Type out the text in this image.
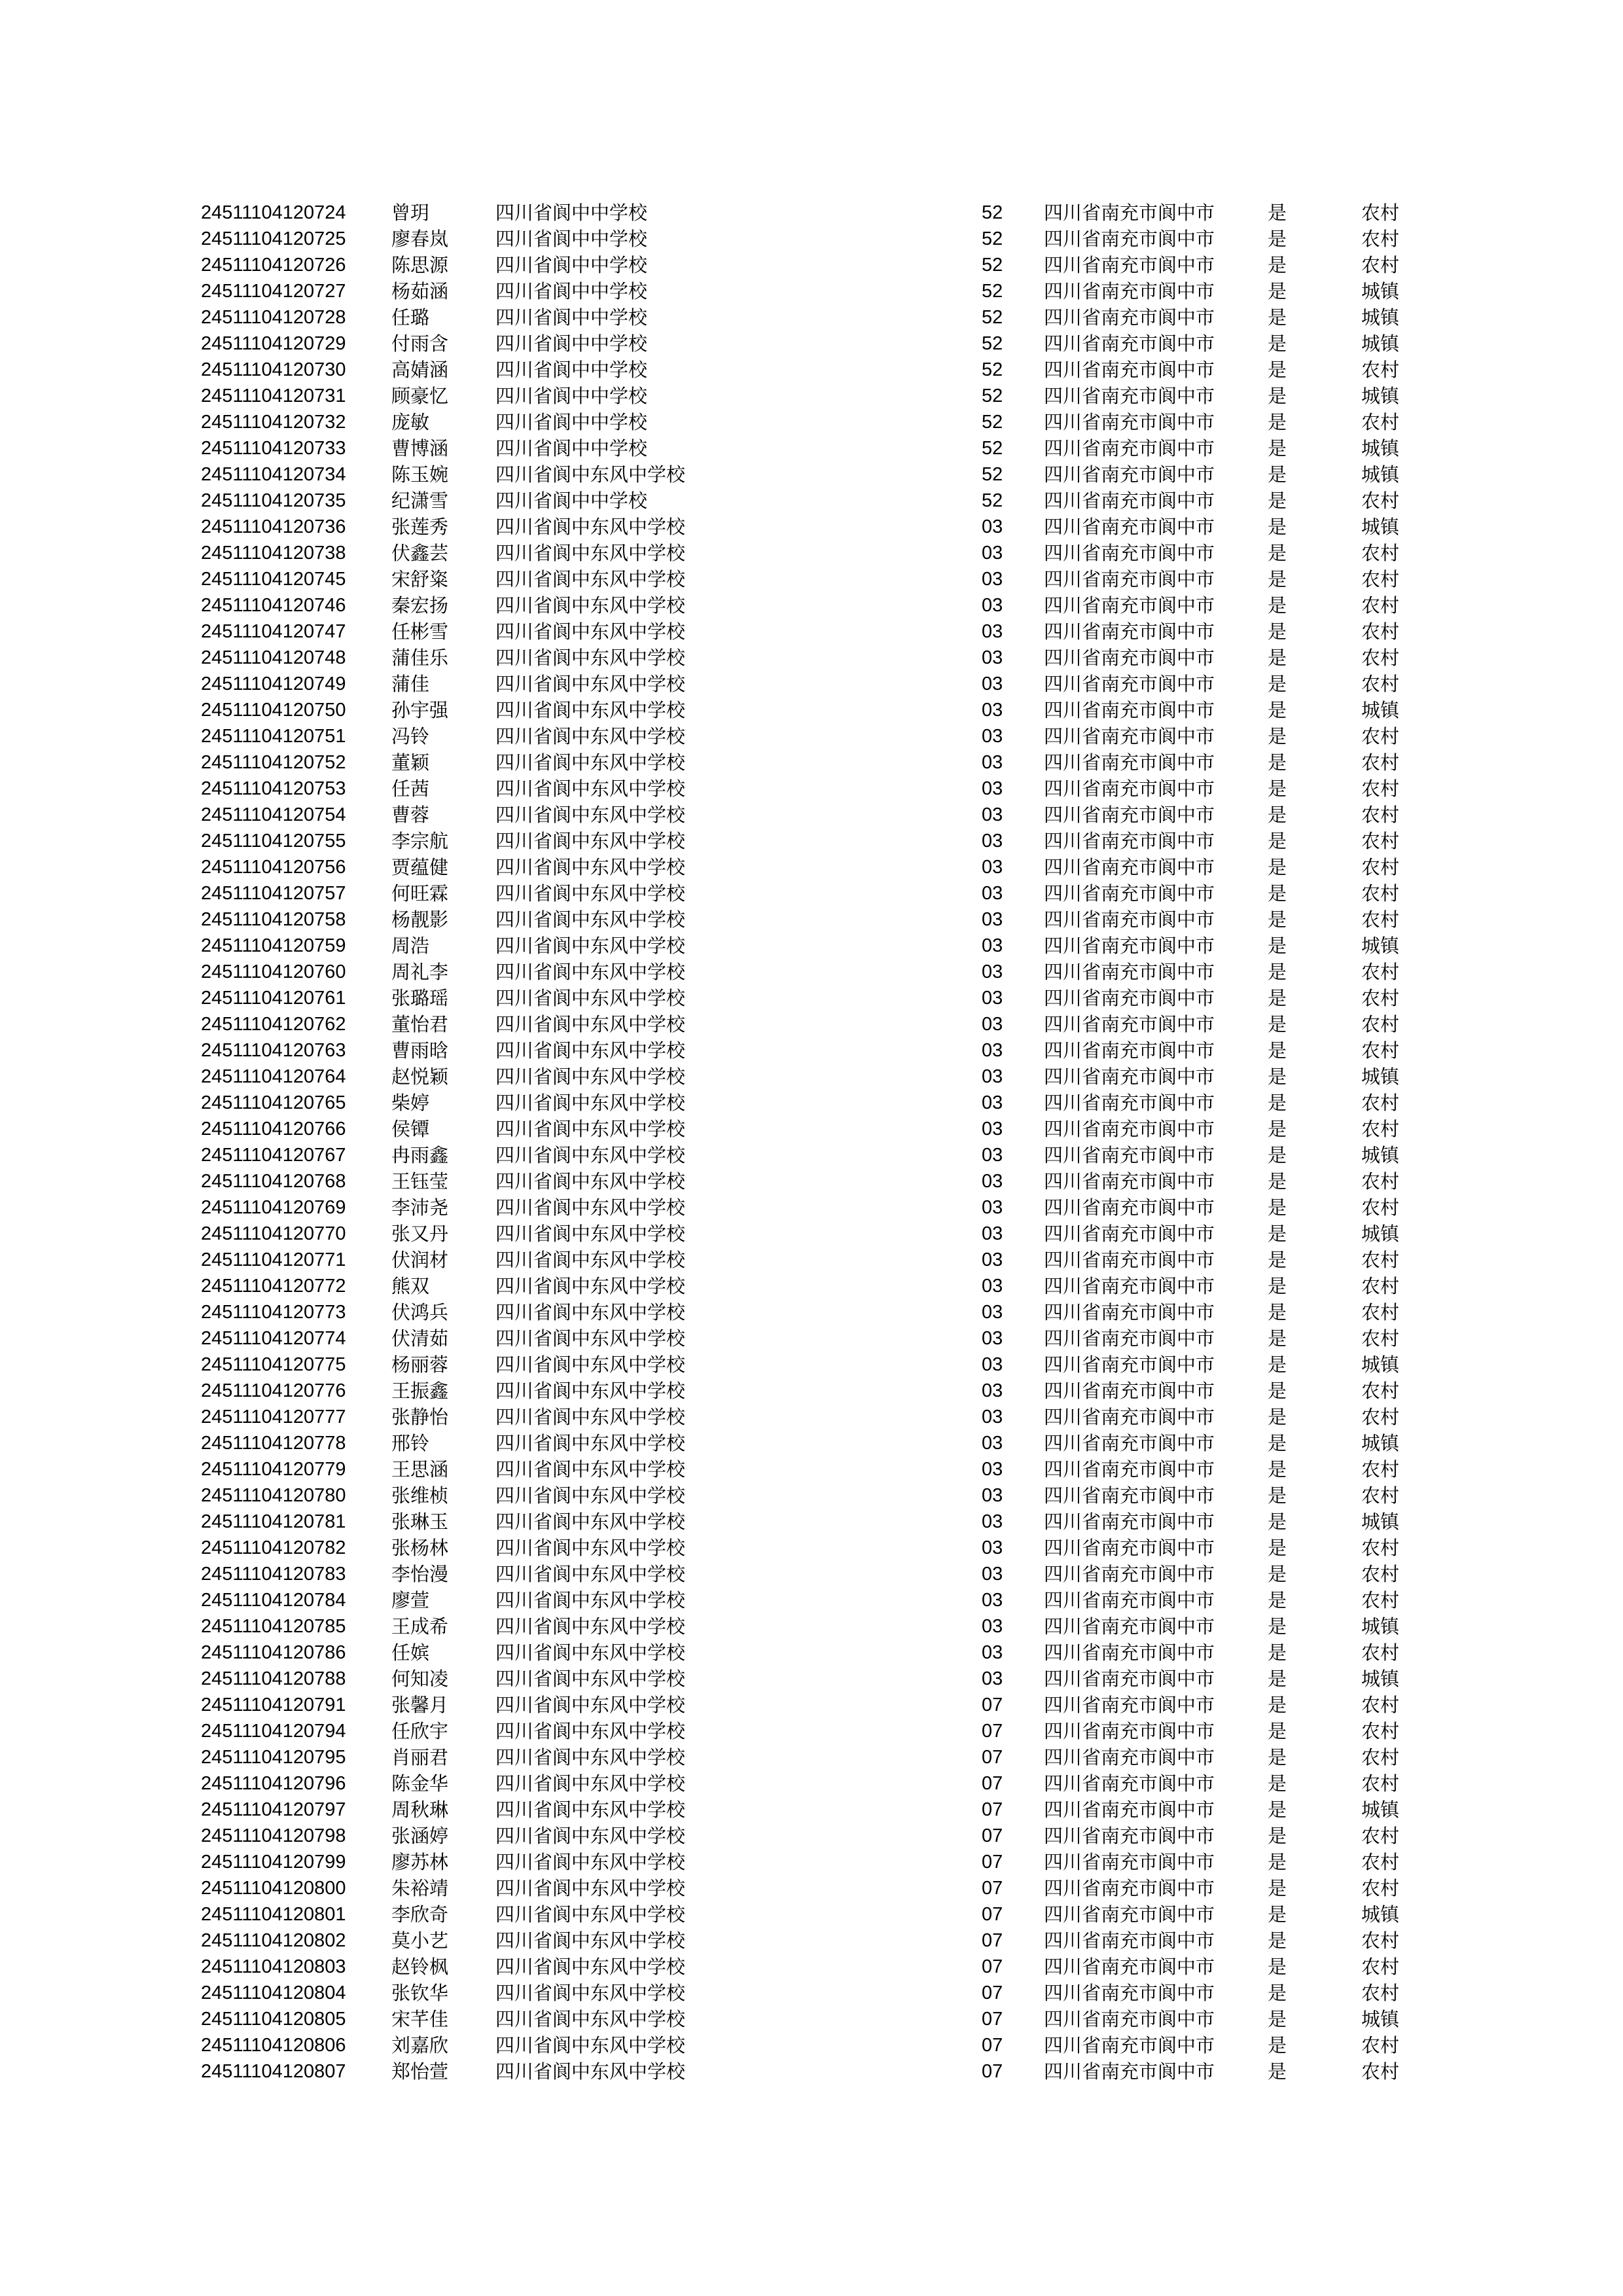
24511104120724 曾玥	四川省阆中中学校	52 四川省南充市阆中市	是	农村
24511104120725 廖春岚 四川省阆中中学校	52 四川省南充市阆中市	是	农村
24511104120726 陈思源 四川省阆中中学校	52 四川省南充市阆中市	是	农村
24511104120727 杨茹涵 四川省阆中中学校	52 四川省南充市阆中市	是	城镇
24511104120728 任璐	四川省阆中中学校	52 四川省南充市阆中市	是	城镇
24511104120729 付雨含 四川省阆中中学校	52 四川省南充市阆中市	是	城镇
24511104120730 高婧涵 四川省阆中中学校	52 四川省南充市阆中市	是	农村
24511104120731 顾豪忆 四川省阆中中学校	52 四川省南充市阆中市	是	城镇
24511104120732 庞敏	四川省阆中中学校	52 四川省南充市阆中市	是	农村
24511104120733 曹博涵 四川省阆中中学校	52 四川省南充市阆中市	是	城镇
24511104120734 陈玉婉 四川省阆中东风中学校	52 四川省南充市阆中市	是	城镇
24511104120735 纪潇雪 四川省阆中中学校	52 四川省南充市阆中市	是	农村
24511104120736 张莲秀 四川省阆中东风中学校	03 四川省南充市阆中市	是	城镇
24511104120738 伏鑫芸 四川省阆中东风中学校	03 四川省南充市阆中市	是	农村
24511104120745 宋舒粢 四川省阆中东风中学校	03 四川省南充市阆中市	是	农村
24511104120746 秦宏扬 四川省阆中东风中学校	03 四川省南充市阆中市	是	农村
24511104120747 任彬雪 四川省阆中东风中学校	03 四川省南充市阆中市	是	农村
24511104120748 蒲佳乐 四川省阆中东风中学校	03 四川省南充市阆中市	是	农村
24511104120749 蒲佳	四川省阆中东风中学校	03 四川省南充市阆中市	是	农村
24511104120750 孙宇强 四川省阆中东风中学校	03 四川省南充市阆中市	是	城镇
24511104120751 冯铃	四川省阆中东风中学校	03 四川省南充市阆中市	是	农村
24511104120752 董颖	四川省阆中东风中学校	03 四川省南充市阆中市	是	农村
24511104120753 任茜	四川省阆中东风中学校	03 四川省南充市阆中市	是	农村
24511104120754 曹蓉	四川省阆中东风中学校	03 四川省南充市阆中市	是	农村
24511104120755 李宗航 四川省阆中东风中学校	03 四川省南充市阆中市	是	农村
24511104120756 贾蕴健 四川省阆中东风中学校	03 四川省南充市阆中市	是	农村
24511104120757 何旺霖 四川省阆中东风中学校	03 四川省南充市阆中市	是	农村
24511104120758 杨靓影 四川省阆中东风中学校	03 四川省南充市阆中市	是	农村
24511104120759 周浩	四川省阆中东风中学校	03 四川省南充市阆中市	是	城镇
24511104120760 周礼李 四川省阆中东风中学校	03 四川省南充市阆中市	是	农村
24511104120761 张璐瑶 四川省阆中东风中学校	03 四川省南充市阆中市	是	农村
24511104120762 董怡君 四川省阆中东风中学校	03 四川省南充市阆中市	是	农村
24511104120763 曹雨晗 四川省阆中东风中学校	03 四川省南充市阆中市	是	农村
24511104120764 赵悦颖 四川省阆中东风中学校	03 四川省南充市阆中市	是	城镇
24511104120765 柴婷	四川省阆中东风中学校	03 四川省南充市阆中市	是	农村
24511104120766 侯镡	四川省阆中东风中学校	03 四川省南充市阆中市	是	农村
24511104120767 冉雨鑫 四川省阆中东风中学校	03 四川省南充市阆中市	是	城镇
24511104120768 王钰莹 四川省阆中东风中学校	03 四川省南充市阆中市	是	农村
24511104120769 李沛尧 四川省阆中东风中学校	03 四川省南充市阆中市	是	农村
24511104120770 张又丹 四川省阆中东风中学校	03 四川省南充市阆中市	是	城镇
24511104120771 伏润材 四川省阆中东风中学校	03 四川省南充市阆中市	是	农村
24511104120772 熊双	四川省阆中东风中学校	03 四川省南充市阆中市	是	农村
24511104120773 伏鸿兵 四川省阆中东风中学校	03 四川省南充市阆中市	是	农村
24511104120774 伏清茹 四川省阆中东风中学校	03 四川省南充市阆中市	是	农村
24511104120775 杨丽蓉 四川省阆中东风中学校	03 四川省南充市阆中市	是	城镇
24511104120776 王振鑫 四川省阆中东风中学校	03 四川省南充市阆中市	是	农村
24511104120777 张静怡 四川省阆中东风中学校	03 四川省南充市阆中市	是	农村
24511104120778 邢铃	四川省阆中东风中学校	03 四川省南充市阆中市	是	城镇
24511104120779 王思涵 四川省阆中东风中学校	03 四川省南充市阆中市	是	农村
24511104120780 张维桢 四川省阆中东风中学校	03 四川省南充市阆中市	是	农村
24511104120781 张琳玉 四川省阆中东风中学校	03 四川省南充市阆中市	是	城镇
24511104120782 张杨林 四川省阆中东风中学校	03 四川省南充市阆中市	是	农村
24511104120783 李怡漫 四川省阆中东风中学校	03 四川省南充市阆中市	是	农村
24511104120784 廖萱	四川省阆中东风中学校	03 四川省南充市阆中市	是	农村
24511104120785 王成希 四川省阆中东风中学校	03 四川省南充市阆中市	是	城镇
24511104120786 任嫔	四川省阆中东风中学校	03 四川省南充市阆中市	是	农村
24511104120788 何知凌 四川省阆中东风中学校	03 四川省南充市阆中市	是	城镇
24511104120791 张馨月 四川省阆中东风中学校	07 四川省南充市阆中市	是	农村
24511104120794 任欣宇 四川省阆中东风中学校	07 四川省南充市阆中市	是	农村
24511104120795 肖丽君 四川省阆中东风中学校	07 四川省南充市阆中市	是	农村
24511104120796 陈金华 四川省阆中东风中学校	07 四川省南充市阆中市	是	农村
24511104120797 周秋琳 四川省阆中东风中学校	07 四川省南充市阆中市	是	城镇
24511104120798 张涵婷 四川省阆中东风中学校	07 四川省南充市阆中市	是	农村
24511104120799 廖苏林 四川省阆中东风中学校	07 四川省南充市阆中市	是	农村
24511104120800 朱裕靖 四川省阆中东风中学校	07 四川省南充市阆中市	是	农村
24511104120801 李欣奇 四川省阆中东风中学校	07 四川省南充市阆中市	是	城镇
24511104120802 莫小艺 四川省阆中东风中学校	07 四川省南充市阆中市	是	农村
24511104120803 赵铃枫 四川省阆中东风中学校	07 四川省南充市阆中市	是	农村
24511104120804 张钦华 四川省阆中东风中学校	07 四川省南充市阆中市	是	农村
24511104120805 宋芊佳 四川省阆中东风中学校	07 四川省南充市阆中市	是	城镇
24511104120806 刘嘉欣 四川省阆中东风中学校	07 四川省南充市阆中市	是	农村
24511104120807 郑怡萱 四川省阆中东风中学校	07 四川省南充市阆中市	是	农村
